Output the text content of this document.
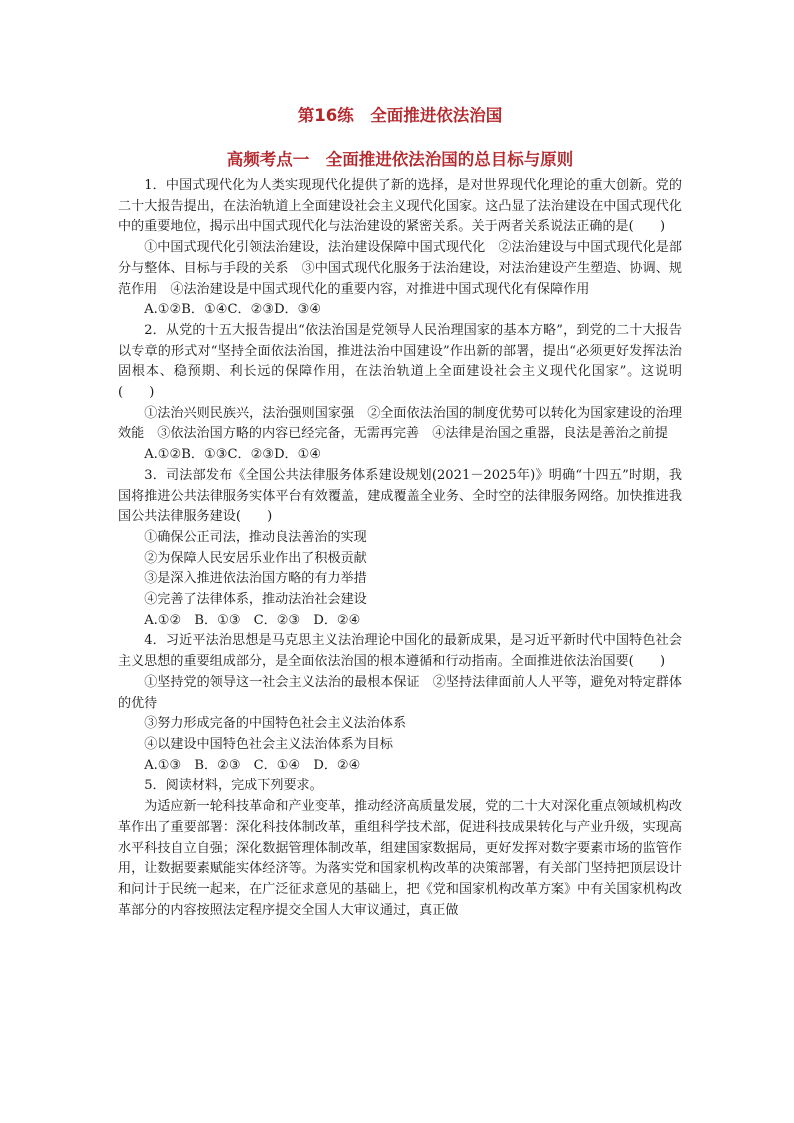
第16练　全面推进依法治国
高频考点一　全面推进依法治国的总目标与原则

1．中国式现代化为人类实现现代化提供了新的选择，是对世界现代化理论的重大创新。党的二十大报告提出，在法治轨道上全面建设社会主义现代化国家。这凸显了法治建设在中国式现代化中的重要地位，揭示出中国式现代化与法治建设的紧密关系。关于两者关系说法正确的是(　　)

①中国式现代化引领法治建设，法治建设保障中国式现代化　②法治建设与中国式现代化是部分与整体、目标与手段的关系　③中国式现代化服务于法治建设，对法治建设产生塑造、协调、规范作用　④法治建设是中国式现代化的重要内容，对推进中国式现代化有保障作用

A.①②B．①④C．②③D．③④

2．从党的十五大报告提出“依法治国是党领导人民治理国家的基本方略”，到党的二十大报告以专章的形式对“坚持全面依法治国，推进法治中国建设”作出新的部署，提出“必须更好发挥法治固根本、稳预期、利长远的保障作用，在法治轨道上全面建设社会主义现代化国家”。这说明(　　)

①法治兴则民族兴，法治强则国家强　②全面依法治国的制度优势可以转化为国家建设的治理效能　③依法治国方略的内容已经完备，无需再完善　④法律是治国之重器，良法是善治之前提

A.①②B．①③C．②③D．①④

3．司法部发布《全国公共法律服务体系建设规划(2021－2025年)》明确“十四五”时期，我国将推进公共法律服务实体平台有效覆盖，建成覆盖全业务、全时空的法律服务网络。加快推进我国公共法律服务建设(　　)

①确保公正司法，推动良法善治的实现

②为保障人民安居乐业作出了积极贡献

③是深入推进依法治国方略的有力举措

④完善了法律体系，推动法治社会建设

A.①②　B．①③　C．②③　D．②④

4．习近平法治思想是马克思主义法治理论中国化的最新成果，是习近平新时代中国特色社会主义思想的重要组成部分，是全面依法治国的根本遵循和行动指南。全面推进依法治国要(　　)

①坚持党的领导这一社会主义法治的最根本保证　②坚持法律面前人人平等，避免对特定群体的优待

③努力形成完备的中国特色社会主义法治体系

④以建设中国特色社会主义法治体系为目标

A.①③　B．②③　C．①④　D．②④

5．阅读材料，完成下列要求。

为适应新一轮科技革命和产业变革，推动经济高质量发展，党的二十大对深化重点领域机构改革作出了重要部署：深化科技体制改革，重组科学技术部，促进科技成果转化与产业升级，实现高水平科技自立自强；深化数据管理体制改革，组建国家数据局，更好发挥对数字要素市场的监管作用，让数据要素赋能实体经济等。为落实党和国家机构改革的决策部署，有关部门坚持把顶层设计和问计于民统一起来，在广泛征求意见的基础上，把《党和国家机构改革方案》中有关国家机构改革部分的内容按照法定程序提交全国人大审议通过，真正做
